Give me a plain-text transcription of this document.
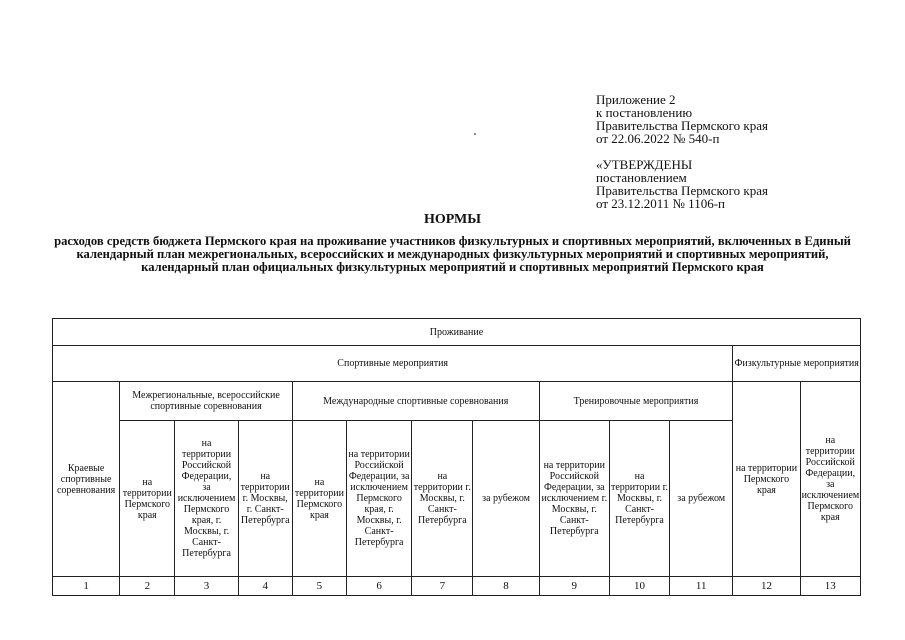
Приложение 2
к постановлению
Правительства Пермского края
от 22.06.2022 № 540-п
«УТВЕРЖДЕНЫ
постановлением
Правительства Пермского края
от 23.12.2011 № 1106-п
НОРМЫ
расходов средств бюджета Пермского края на проживание участников физкультурных и спортивных мероприятий, включенных в Единый календарный план межрегиональных, всероссийских и международных физкультурных мероприятий и спортивных мероприятий, календарный план официальных физкультурных мероприятий и спортивных мероприятий Пермского края
Проживание												
Спортивные мероприятия											Физкультурные мероприятия	
Краевые спортивные соревнования	Межрегиональные, всероссийские спортивные соревнования			Международные спортивные соревнования				Тренировочные мероприятия			на территории Пермского края	на территории Российской Федерации, за исключением Пермского края
	на территории Пермского края	на территории Российской Федерации, за исключением Пермского края, г. Москвы, г. Санкт-Петербурга	на территории г. Москвы, г. Санкт-Петербурга	на территории Пермского края	на территории Российской Федерации, за исключением Пермского края, г. Москвы, г. Санкт-Петербурга	на территории г. Москвы, г. Санкт-Петербурга	за рубежом	на территории Российской Федерации, за исключением г. Москвы, г. Санкт-Петербурга	на территории г. Москвы, г. Санкт-Петербурга	за рубежом		
1	2	3	4	5	6	7	8	9	10	11	12	13
